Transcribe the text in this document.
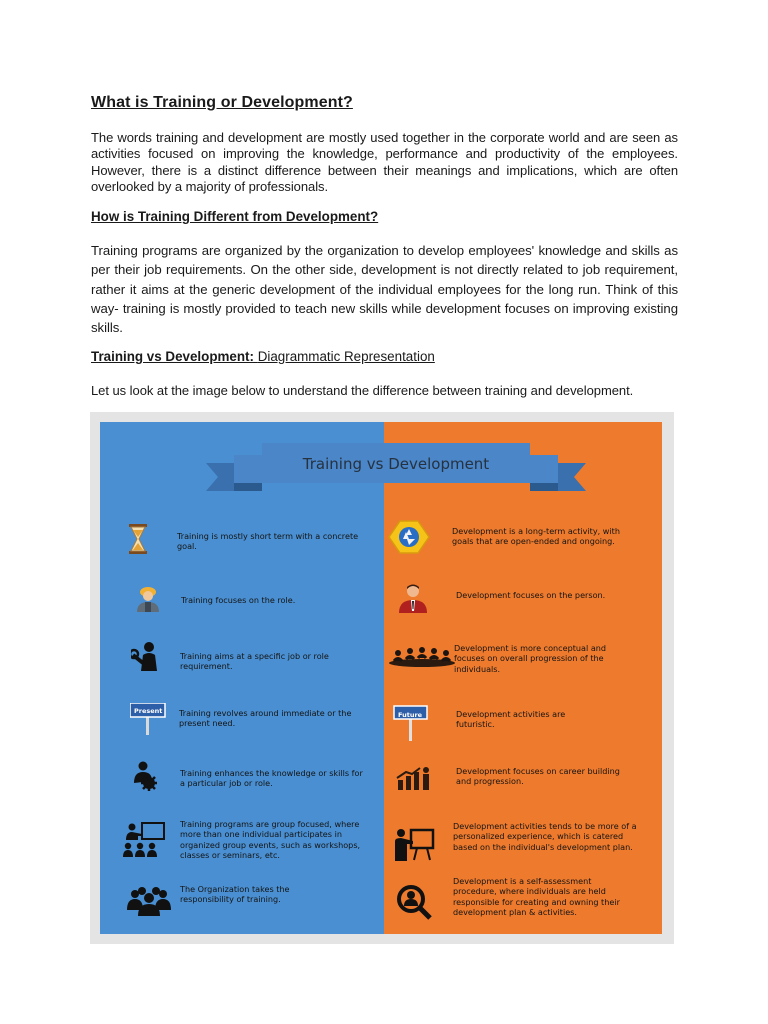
What is Training or Development?
The words training and development are mostly used together in the corporate world and are seen as activities focused on improving the knowledge, performance and productivity of the employees. However, there is a distinct difference between their meanings and implications, which are often overlooked by a majority of professionals.
How is Training Different from Development?
Training programs are organized by the organization to develop employees' knowledge and skills as per their job requirements. On the other side, development is not directly related to job requirement, rather it aims at the generic development of the individual employees for the long run. Think of this way- training is mostly provided to teach new skills while development focuses on improving existing skills.
Training vs Development: Diagrammatic Representation
Let us look at the image below to understand the difference between training and development.
Training vs Development
Present
Training is mostly short term with a concrete goal.
Training focuses on the role.
Training aims at a specific job or role requirement.
Training revolves around immediate or the present need.
Training enhances the knowledge or skills for a particular job or role.
Training programs are group focused, where more than one individual participates in organized group events, such as workshops, classes or seminars, etc.
The Organization takes the responsibility of training.
Future
Development is a long-term activity, with goals that are open-ended and ongoing.
Development focuses on the person.
Development is more conceptual and focuses on overall progression of the individuals.
Development activities are futuristic.
Development focuses on career building and progression.
Development activities tends to be more of a personalized experience, which is catered based on the individual's development plan.
Development is a self-assessment procedure, where individuals are held responsible for creating and owning their development plan & activities.
